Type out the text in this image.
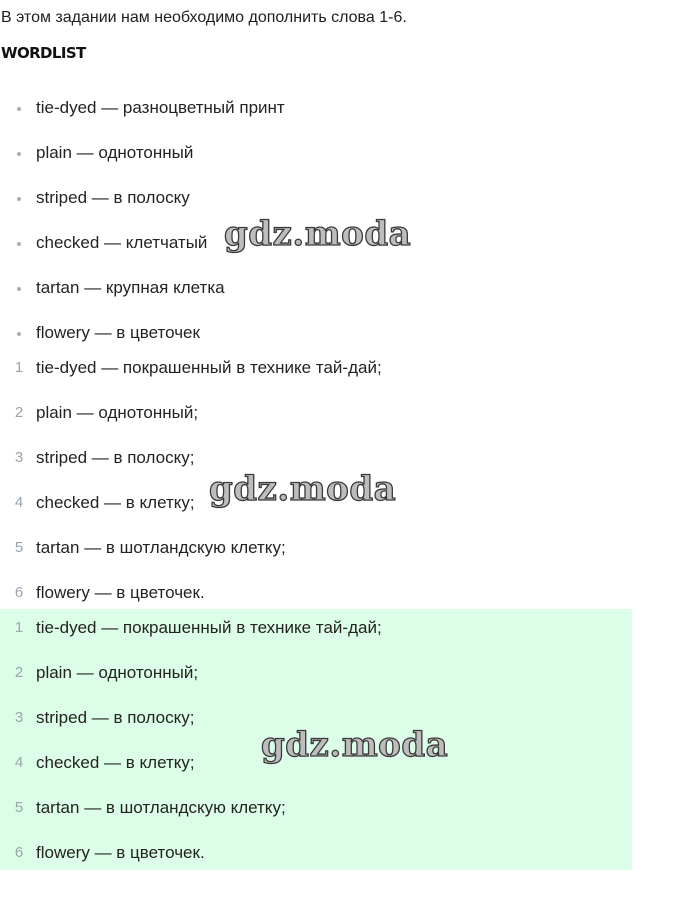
В этом задании нам необходимо дополнить слова 1-6.
WORDLIST
tie-dyed — разноцветный принт
plain — однотонный
striped — в полоску
checked — клетчатый
tartan — крупная клетка
flowery — в цветочек
1 tie-dyed — покрашенный в технике тай-дай;
2 plain — однотонный;
3 striped — в полоску;
4 checked — в клетку;
5 tartan — в шотландскую клетку;
6 flowery — в цветочек.
1 tie-dyed — покрашенный в технике тай-дай;
2 plain — однотонный;
3 striped — в полоску;
4 checked — в клетку;
5 tartan — в шотландскую клетку;
6 flowery — в цветочек.
gdz.moda
gdz.moda
gdz.moda
